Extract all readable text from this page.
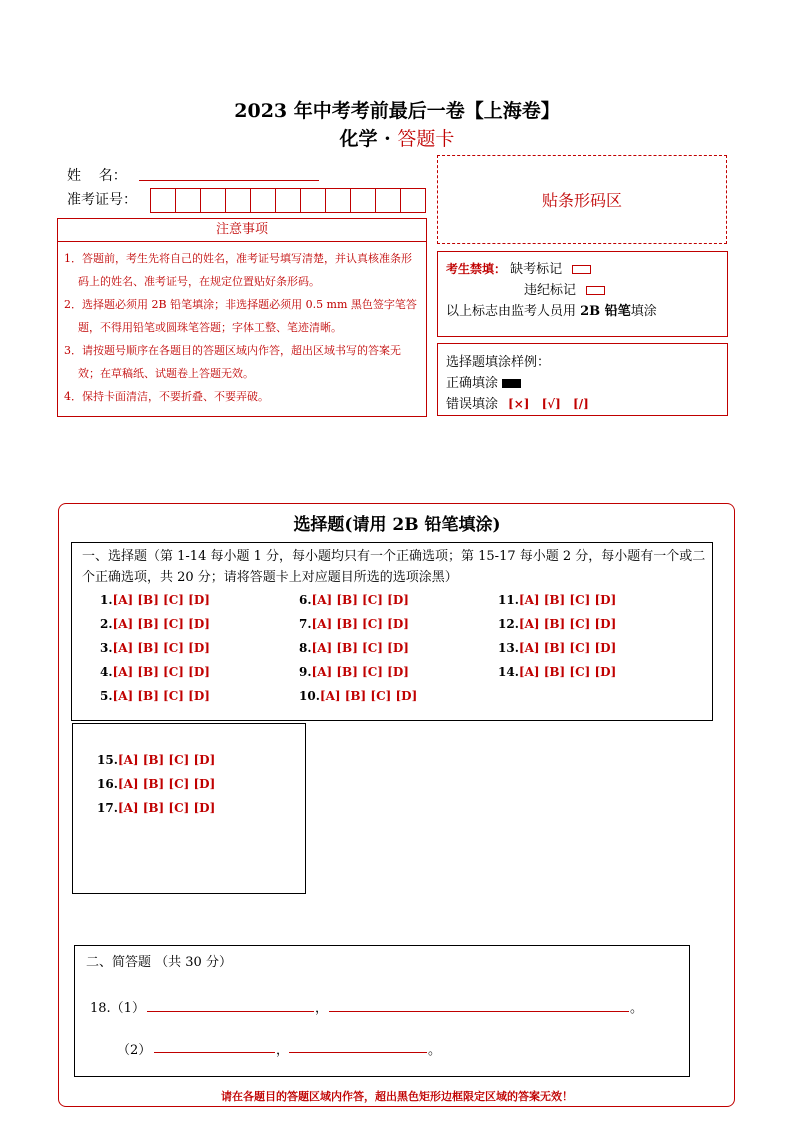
2023 年中考考前最后一卷【上海卷】
化学 · 答题卡
姓    名：
准考证号：	贴条形码区
注意事项
1．答题前，考生先将自己的姓名，准考证号填写清楚，并认真核准条形码上的姓名、准考证号，在规定位置贴好条形码。
2．选择题必须用 2B 铅笔填涂；非选择题必须用 0.5 mm 黑色签字笔答题，不得用铅笔或圆珠笔答题；字体工整、笔迹清晰。
3．请按题号顺序在各题目的答题区域内作答，超出区域书写的答案无效；在草稿纸、试题卷上答题无效。
4．保持卡面清洁，不要折叠、不要弄破。
考生禁填： 缺考标记
违纪标记
以上标志由监考人员用 2B 铅笔填涂
选择题填涂样例：
正确填涂
错误填涂 [×] [√] [/]
选择题(请用 2B 铅笔填涂)
一、选择题（第 1-14 每小题 1 分，每小题均只有一个正确选项；第 15-17 每小题 2 分，每小题有一个或二个正确选项，共 20 分；请将答题卡上对应题目所选的选项涂黑）
1.[A] [B] [C] [D]
2.[A] [B] [C] [D]
3.[A] [B] [C] [D]
4.[A] [B] [C] [D]
5.[A] [B] [C] [D]
6.[A] [B] [C] [D]
7.[A] [B] [C] [D]
8.[A] [B] [C] [D]
9.[A] [B] [C] [D]
10.[A] [B] [C] [D]
11.[A] [B] [C] [D]
12.[A] [B] [C] [D]
13.[A] [B] [C] [D]
14.[A] [B] [C] [D]
15.[A] [B] [C] [D]
16.[A] [B] [C] [D]
17.[A] [B] [C] [D]
二、简答题 （共 30 分）
18.（1）	，	。
（2）	，	。
请在各题目的答题区域内作答，超出黑色矩形边框限定区域的答案无效！
